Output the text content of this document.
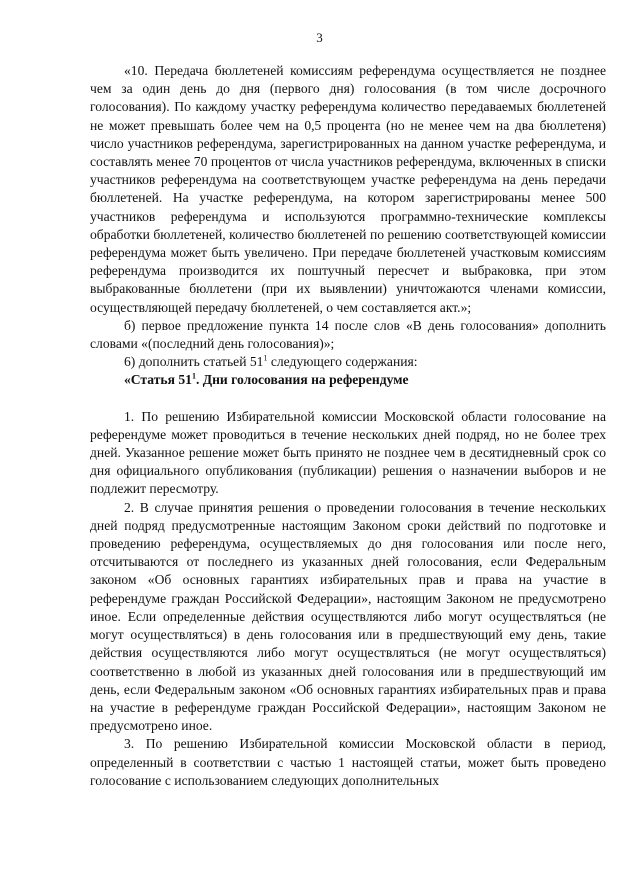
3

«10. Передача бюллетеней комиссиям референдума осуществляется не позднее чем за один день до дня (первого дня) голосования (в том числе досрочного голосования). По каждому участку референдума количество передаваемых бюллетеней не может превышать более чем на 0,5 процента (но не менее чем на два бюллетеня) число участников референдума, зарегистрированных на данном участке референдума, и составлять менее 70 процентов от числа участников референдума, включенных в списки участников референдума на соответствующем участке референдума на день передачи бюллетеней. На участке референдума, на котором зарегистрированы менее 500 участников референдума и используются программно-технические комплексы обработки бюллетеней, количество бюллетеней по решению соответствующей комиссии референдума может быть увеличено. При передаче бюллетеней участковым комиссиям референдума производится их поштучный пересчет и выбраковка, при этом выбракованные бюллетени (при их выявлении) уничтожаются членами комиссии, осуществляющей передачу бюллетеней, о чем составляется акт.»;

б) первое предложение пункта 14 после слов «В день голосования» дополнить словами «(последний день голосования)»;

6) дополнить статьей $51^1$ следующего содержания:

«Статья $51^1$. Дни голосования на референдуме

1. По решению Избирательной комиссии Московской области голосование на референдуме может проводиться в течение нескольких дней подряд, но не более трех дней. Указанное решение может быть принято не позднее чем в десятидневный срок со дня официального опубликования (публикации) решения о назначении выборов и не подлежит пересмотру.

2. В случае принятия решения о проведении голосования в течение нескольких дней подряд предусмотренные настоящим Законом сроки действий по подготовке и проведению референдума, осуществляемых до дня голосования или после него, отсчитываются от последнего из указанных дней голосования, если Федеральным законом «Об основных гарантиях избирательных прав и права на участие в референдуме граждан Российской Федерации», настоящим Законом не предусмотрено иное. Если определенные действия осуществляются либо могут осуществляться (не могут осуществляться) в день голосования или в предшествующий ему день, такие действия осуществляются либо могут осуществляться (не могут осуществляться) соответственно в любой из указанных дней голосования или в предшествующий им день, если Федеральным законом «Об основных гарантиях избирательных прав и права на участие в референдуме граждан Российской Федерации», настоящим Законом не предусмотрено иное.

3. По решению Избирательной комиссии Московской области в период, определенный в соответствии с частью 1 настоящей статьи, может быть проведено голосование с использованием следующих дополнительных
